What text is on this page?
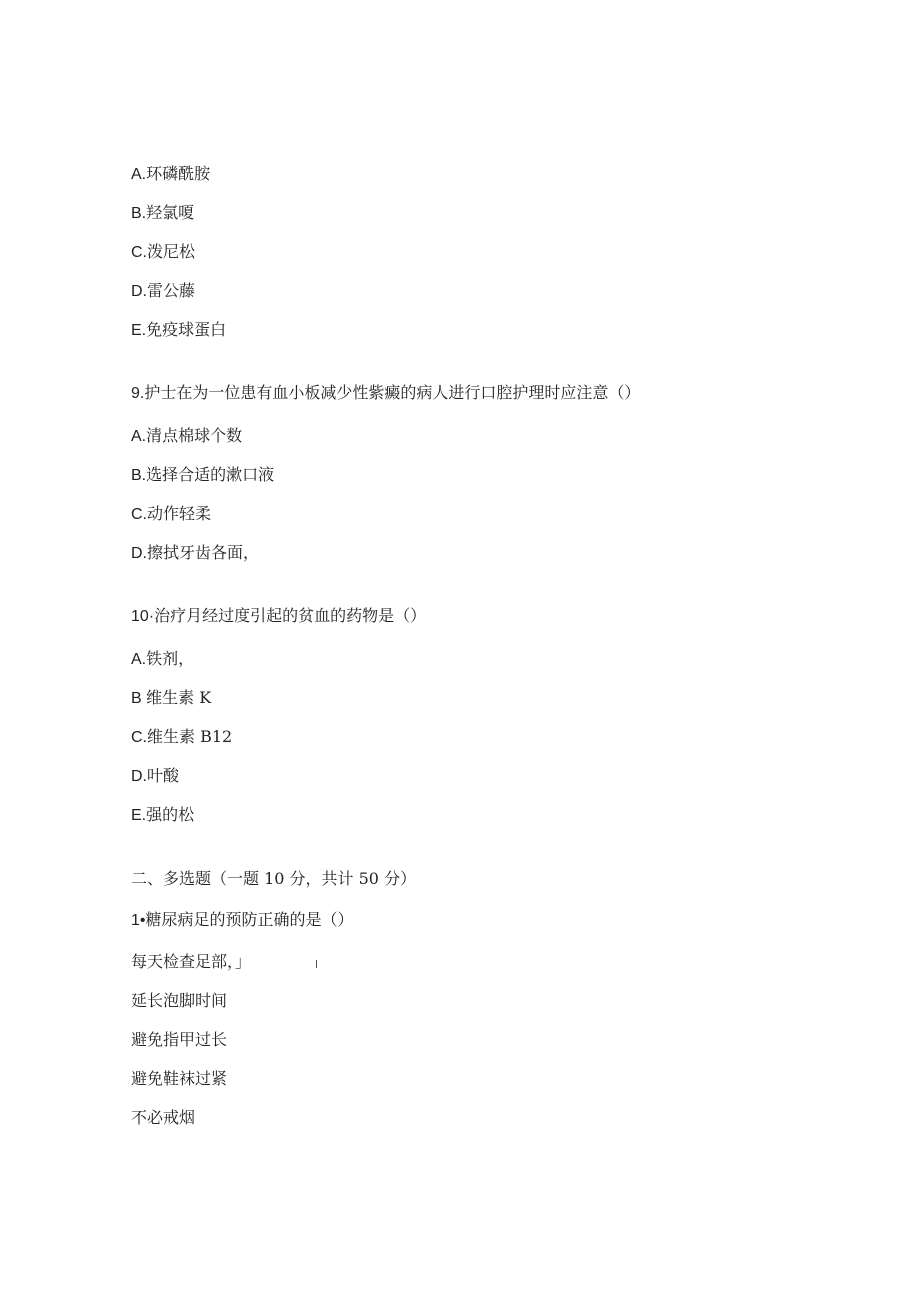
A.环磷酰胺
B.羟氯嗄
C.泼尼松
D.雷公藤
E.免疫球蛋白
9.护士在为一位患有血小板减少性紫癜的病人进行口腔护理时应注意（）
A.清点棉球个数
B.选择合适的漱口液
C.动作轻柔
D.擦拭牙齿各面，
10·治疗月经过度引起的贫血的药物是（）
A.铁剂，
B 维生素 K
C.维生素 B12
D.叶酸
E.强的松
二、多选题（一题 10 分，共计 50 分）
1•糖尿病足的预防正确的是（）
每天检查足部，」
延长泡脚时间
避免指甲过长
避免鞋袜过紧
不必戒烟
